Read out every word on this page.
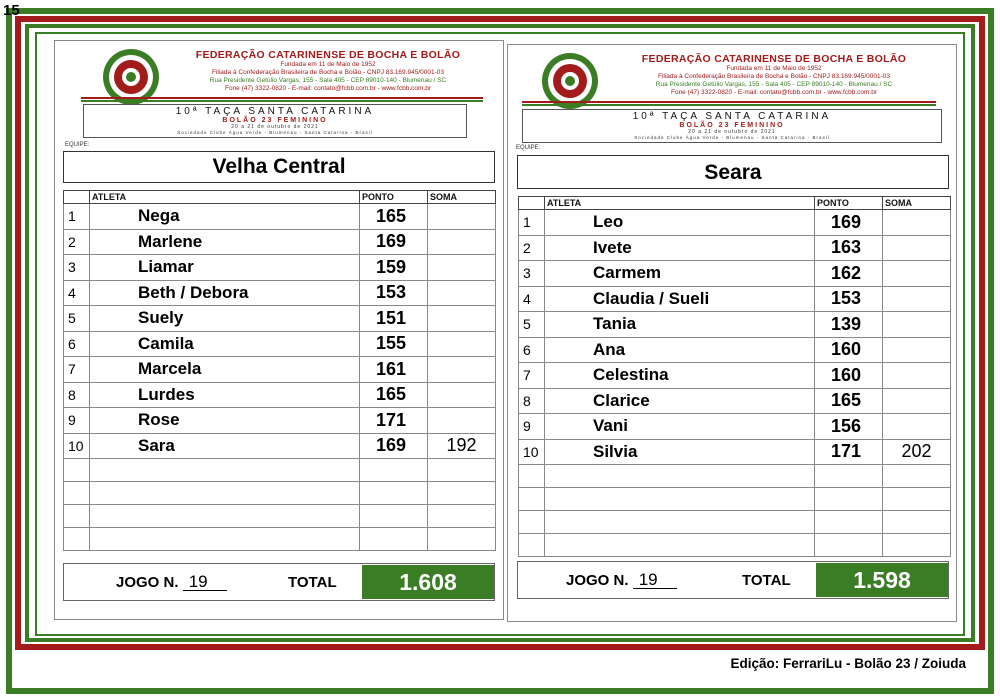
15
FEDERAÇÃO CATARINENSE DE BOCHA E BOLÃO
Fundada em 11 de Maio de 1952
Filiada à Confederação Brasileira de Bocha e Bolão - CNPJ 83.169.945/0001-03
Rua Presidente Getúlio Vargas, 155 - Sala 405 - CEP 89010-140 - Blumenau / SC
Fone (47) 3322-0820 - E-mail: contato@fcbb.com.br - www.fcbb.com.br
10ª TAÇA SANTA CATARINA
BOLÃO 23 FEMININO
20 a 21 de outubro de 2021
Sociedade Clube Água Verde - Blumenau - Santa Catarina - Brasil
EQUIPE:
Velha Central
	ATLETA	PONTO	SOMA
1	Nega	165	
2	Marlene	169	
3	Liamar	159	
4	Beth / Debora	153	
5	Suely	151	
6	Camila	155	
7	Marcela	161	
8	Lurdes	165	
9	Rose	171	
10	Sara	169	192

JOGO N. 19	TOTAL	1.608
FEDERAÇÃO CATARINENSE DE BOCHA E BOLÃO
Fundada em 11 de Maio de 1952
Filiada à Confederação Brasileira de Bocha e Bolão - CNPJ 83.169.945/0001-03
Rua Presidente Getúlio Vargas, 155 - Sala 405 - CEP 89010-140 - Blumenau / SC
Fone (47) 3322-0820 - E-mail: contato@fcbb.com.br - www.fcbb.com.br
10ª TAÇA SANTA CATARINA
BOLÃO 23 FEMININO
20 a 21 de outubro de 2021
Sociedade Clube Água Verde - Blumenau - Santa Catarina - Brasil
EQUIPE:
Seara
	ATLETA	PONTO	SOMA
1	Leo	169	
2	Ivete	163	
3	Carmem	162	
4	Claudia / Sueli	153	
5	Tania	139	
6	Ana	160	
7	Celestina	160	
8	Clarice	165	
9	Vani	156	
10	Silvia	171	202

JOGO N. 19	TOTAL	1.598
Edição: FerrariLu - Bolão 23 / Zoiuda
